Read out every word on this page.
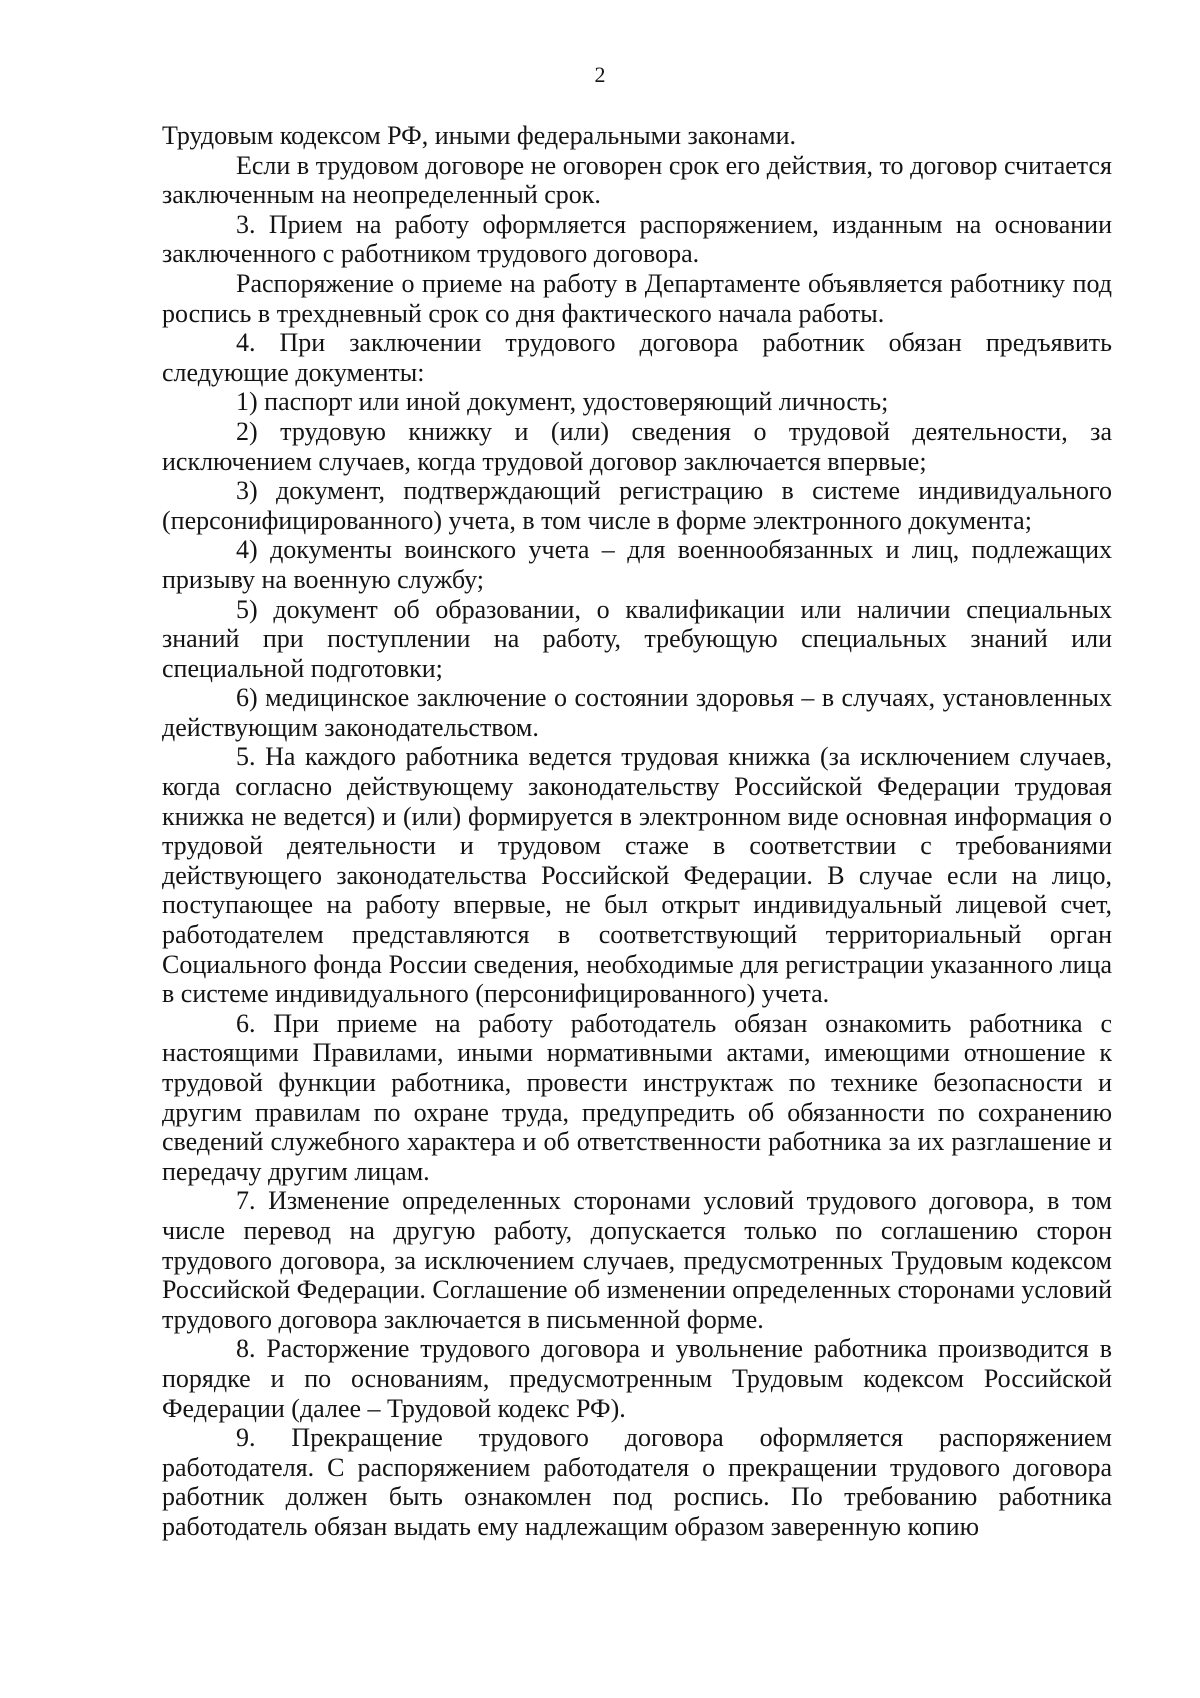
2

Трудовым кодексом РФ, иными федеральными законами.

Если в трудовом договоре не оговорен срок его действия, то договор считается заключенным на неопределенный срок.

3. Прием на работу оформляется распоряжением, изданным на основании заключенного с работником трудового договора.

Распоряжение о приеме на работу в Департаменте объявляется работнику под роспись в трехдневный срок со дня фактического начала работы.

4. При заключении трудового договора работник обязан предъявить следующие документы:

1) паспорт или иной документ, удостоверяющий личность;

2) трудовую книжку и (или) сведения о трудовой деятельности, за исключением случаев, когда трудовой договор заключается впервые;

3) документ, подтверждающий регистрацию в системе индивидуального (персонифицированного) учета, в том числе в форме электронного документа;

4) документы воинского учета – для военнообязанных и лиц, подлежащих призыву на военную службу;

5) документ об образовании, о квалификации или наличии специальных знаний при поступлении на работу, требующую специальных знаний или специальной подготовки;

6) медицинское заключение о состоянии здоровья – в случаях, установленных действующим законодательством.

5. На каждого работника ведется трудовая книжка (за исключением случаев, когда согласно действующему законодательству Российской Федерации трудовая книжка не ведется) и (или) формируется в электронном виде основная информация о трудовой деятельности и трудовом стаже в соответствии с требованиями действующего законодательства Российской Федерации. В случае если на лицо, поступающее на работу впервые, не был открыт индивидуальный лицевой счет, работодателем представляются в соответствующий территориальный орган Социального фонда России сведения, необходимые для регистрации указанного лица в системе индивидуального (персонифицированного) учета.

6. При приеме на работу работодатель обязан ознакомить работника с настоящими Правилами, иными нормативными актами, имеющими отношение к трудовой функции работника, провести инструктаж по технике безопасности и другим правилам по охране труда, предупредить об обязанности по сохранению сведений служебного характера и об ответственности работника за их разглашение и передачу другим лицам.

7. Изменение определенных сторонами условий трудового договора, в том числе перевод на другую работу, допускается только по соглашению сторон трудового договора, за исключением случаев, предусмотренных Трудовым кодексом Российской Федерации. Соглашение об изменении определенных сторонами условий трудового договора заключается в письменной форме.

8. Расторжение трудового договора и увольнение работника производится в порядке и по основаниям, предусмотренным Трудовым кодексом Российской Федерации (далее – Трудовой кодекс РФ).

9. Прекращение трудового договора оформляется распоряжением работодателя. С распоряжением работодателя о прекращении трудового договора работник должен быть ознакомлен под роспись. По требованию работника работодатель обязан выдать ему надлежащим образом заверенную копию
